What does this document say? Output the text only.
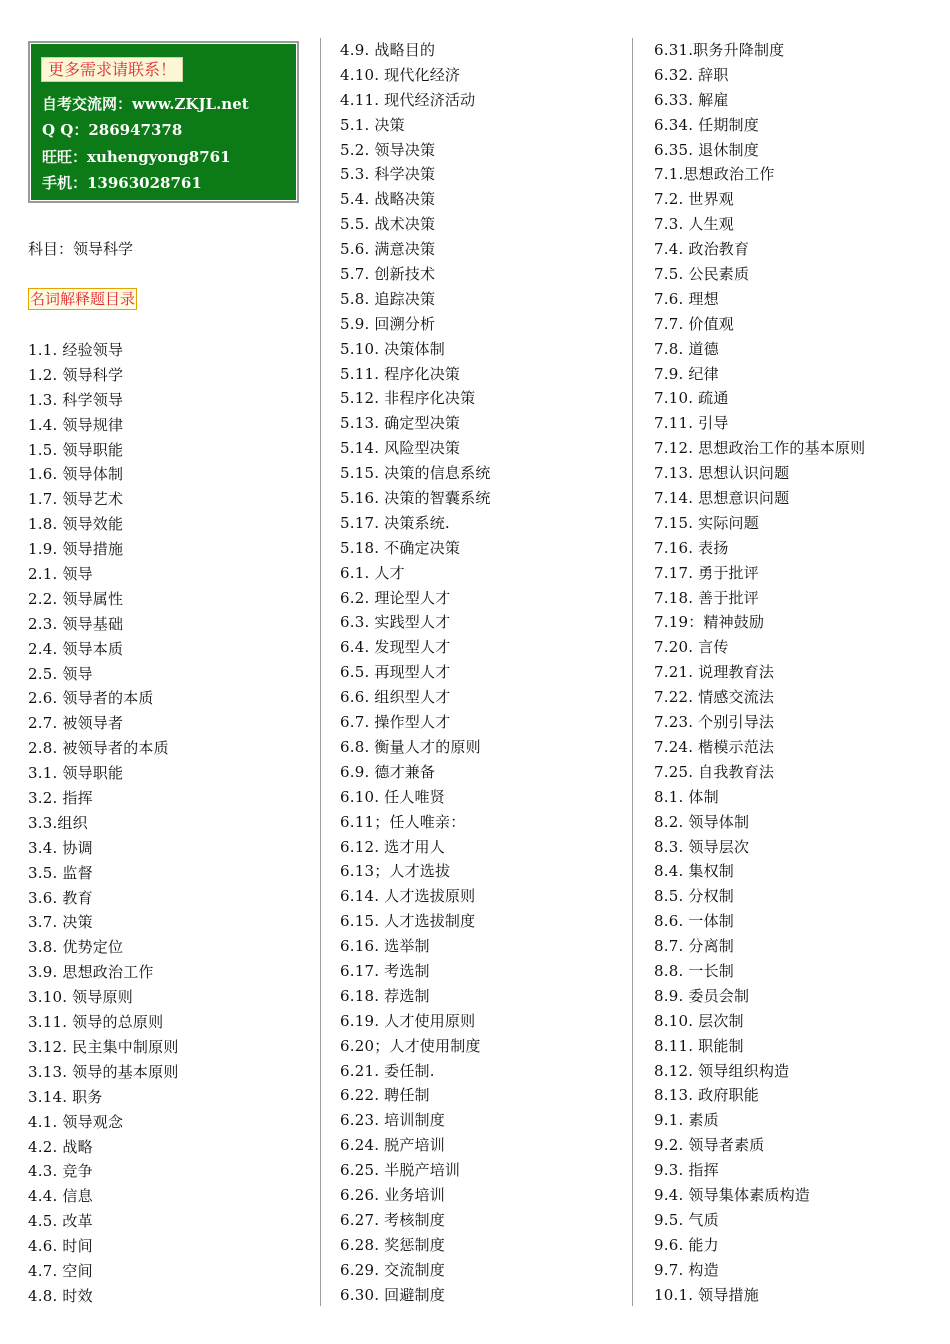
更多需求请联系！
自考交流网：www.ZKJL.net
Q Q：286947378
旺旺：xuhengyong8761
手机：13963028761
科目：领导科学
名词解释题目录
1.1. 经验领导
1.2. 领导科学
1.3. 科学领导
1.4. 领导规律
1.5. 领导职能
1.6. 领导体制
1.7. 领导艺术
1.8. 领导效能
1.9. 领导措施
2.1. 领导
2.2. 领导属性
2.3. 领导基础
2.4. 领导本质
2.5. 领导
2.6. 领导者的本质
2.7. 被领导者
2.8. 被领导者的本质
3.1. 领导职能
3.2. 指挥
3.3.组织
3.4. 协调
3.5. 监督
3.6. 教育
3.7. 决策
3.8. 优势定位
3.9. 思想政治工作
3.10. 领导原则
3.11. 领导的总原则
3.12. 民主集中制原则
3.13. 领导的基本原则
3.14. 职务
4.1. 领导观念
4.2. 战略
4.3. 竞争
4.4. 信息
4.5. 改革
4.6. 时间
4.7. 空间
4.8. 时效
4.9. 战略目的
4.10. 现代化经济
4.11. 现代经济活动
5.1. 决策
5.2. 领导决策
5.3. 科学决策
5.4. 战略决策
5.5. 战术决策
5.6. 满意决策
5.7. 创新技术
5.8. 追踪决策
5.9. 回溯分析
5.10. 决策体制
5.11. 程序化决策
5.12. 非程序化决策
5.13. 确定型决策
5.14. 风险型决策
5.15. 决策的信息系统
5.16. 决策的智囊系统
5.17. 决策系统.
5.18. 不确定决策
6.1. 人才
6.2. 理论型人才
6.3. 实践型人才
6.4. 发现型人才
6.5. 再现型人才
6.6. 组织型人才
6.7. 操作型人才
6.8. 衡量人才的原则
6.9. 德才兼备
6.10. 任人唯贤
6.11；任人唯亲：
6.12. 选才用人
6.13；人才选拔
6.14. 人才选拔原则
6.15. 人才选拔制度
6.16. 选举制
6.17. 考选制
6.18. 荐选制
6.19. 人才使用原则
6.20；人才使用制度
6.21. 委任制.
6.22. 聘任制
6.23. 培训制度
6.24. 脱产培训
6.25. 半脱产培训
6.26. 业务培训
6.27. 考核制度
6.28. 奖惩制度
6.29. 交流制度
6.30. 回避制度
6.31.职务升降制度
6.32. 辞职
6.33. 解雇
6.34. 任期制度
6.35. 退休制度
7.1.思想政治工作
7.2. 世界观
7.3. 人生观
7.4. 政治教育
7.5. 公民素质
7.6. 理想
7.7. 价值观
7.8. 道德
7.9. 纪律
7.10. 疏通
7.11. 引导
7.12. 思想政治工作的基本原则
7.13. 思想认识问题
7.14. 思想意识问题
7.15. 实际问题
7.16. 表扬
7.17. 勇于批评
7.18. 善于批评
7.19：精神鼓励
7.20. 言传
7.21. 说理教育法
7.22. 情感交流法
7.23. 个别引导法
7.24. 楷模示范法
7.25. 自我教育法
8.1. 体制
8.2. 领导体制
8.3. 领导层次
8.4. 集权制
8.5. 分权制
8.6. 一体制
8.7. 分离制
8.8. 一长制
8.9. 委员会制
8.10. 层次制
8.11. 职能制
8.12. 领导组织构造
8.13. 政府职能
9.1. 素质
9.2. 领导者素质
9.3. 指挥
9.4. 领导集体素质构造
9.5. 气质
9.6. 能力
9.7. 构造
10.1. 领导措施
